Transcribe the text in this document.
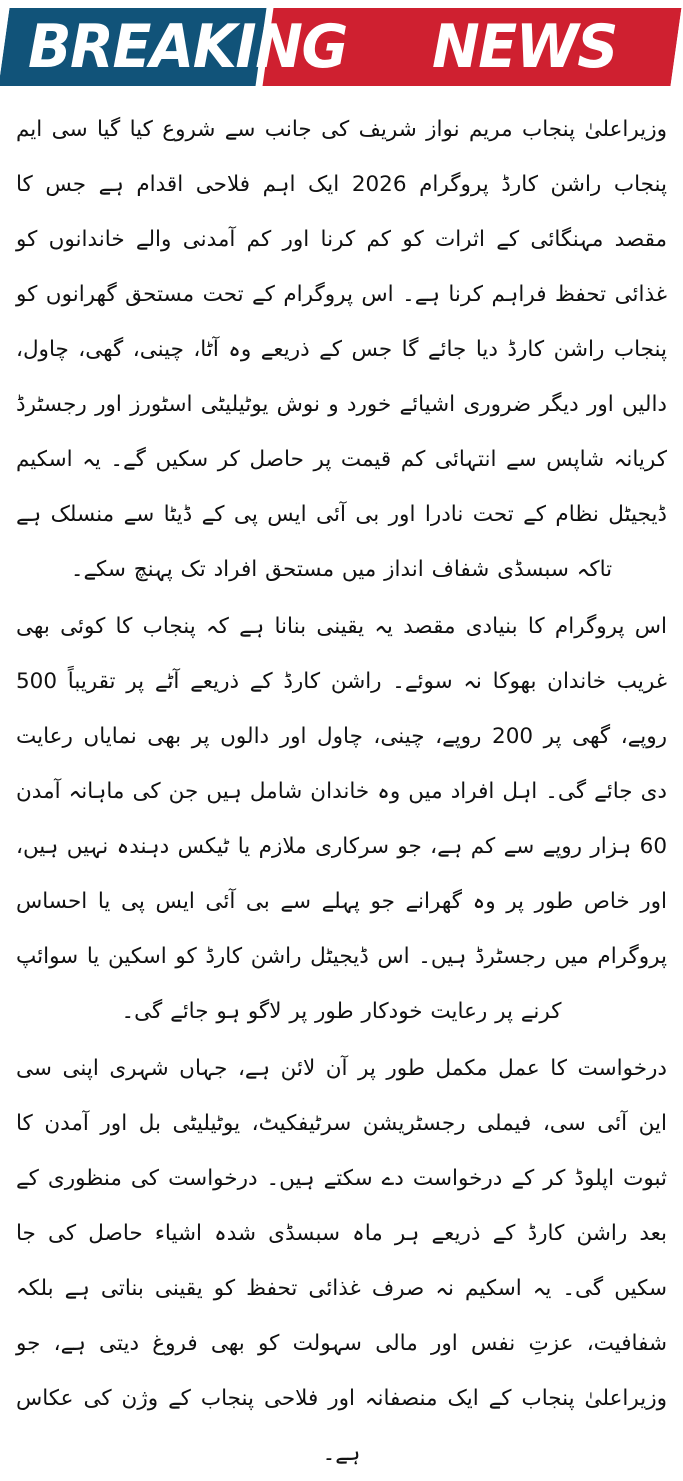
BREAKING NEWS

وزیراعلیٰ پنجاب مریم نواز شریف کی جانب سے شروع کیا گیا سی ایم پنجاب راشن کارڈ پروگرام 2026 ایک اہم فلاحی اقدام ہے جس کا مقصد مہنگائی کے اثرات کو کم کرنا اور کم آمدنی والے خاندانوں کو غذائی تحفظ فراہم کرنا ہے۔ اس پروگرام کے تحت مستحق گھرانوں کو پنجاب راشن کارڈ دیا جائے گا جس کے ذریعے وہ آٹا، چینی، گھی، چاول، دالیں اور دیگر ضروری اشیائے خورد و نوش یوٹیلیٹی اسٹورز اور رجسٹرڈ کریانہ شاپس سے انتہائی کم قیمت پر حاصل کر سکیں گے۔ یہ اسکیم ڈیجیٹل نظام کے تحت نادرا اور بی آئی ایس پی کے ڈیٹا سے منسلک ہے تاکہ سبسڈی شفاف انداز میں مستحق افراد تک پہنچ سکے۔

اس پروگرام کا بنیادی مقصد یہ یقینی بنانا ہے کہ پنجاب کا کوئی بھی غریب خاندان بھوکا نہ سوئے۔ راشن کارڈ کے ذریعے آٹے پر تقریباً 500 روپے، گھی پر 200 روپے، چینی، چاول اور دالوں پر بھی نمایاں رعایت دی جائے گی۔ اہل افراد میں وہ خاندان شامل ہیں جن کی ماہانہ آمدن 60 ہزار روپے سے کم ہے، جو سرکاری ملازم یا ٹیکس دہندہ نہیں ہیں، اور خاص طور پر وہ گھرانے جو پہلے سے بی آئی ایس پی یا احساس پروگرام میں رجسٹرڈ ہیں۔ اس ڈیجیٹل راشن کارڈ کو اسکین یا سوائپ کرنے پر رعایت خودکار طور پر لاگو ہو جائے گی۔

درخواست کا عمل مکمل طور پر آن لائن ہے، جہاں شہری اپنی سی این آئی سی، فیملی رجسٹریشن سرٹیفکیٹ، یوٹیلیٹی بل اور آمدن کا ثبوت اپلوڈ کر کے درخواست دے سکتے ہیں۔ درخواست کی منظوری کے بعد راشن کارڈ کے ذریعے ہر ماہ سبسڈی شدہ اشیاء حاصل کی جا سکیں گی۔ یہ اسکیم نہ صرف غذائی تحفظ کو یقینی بناتی ہے بلکہ شفافیت، عزتِ نفس اور مالی سہولت کو بھی فروغ دیتی ہے، جو وزیراعلیٰ پنجاب کے ایک منصفانہ اور فلاحی پنجاب کے وژن کی عکاس ہے۔
